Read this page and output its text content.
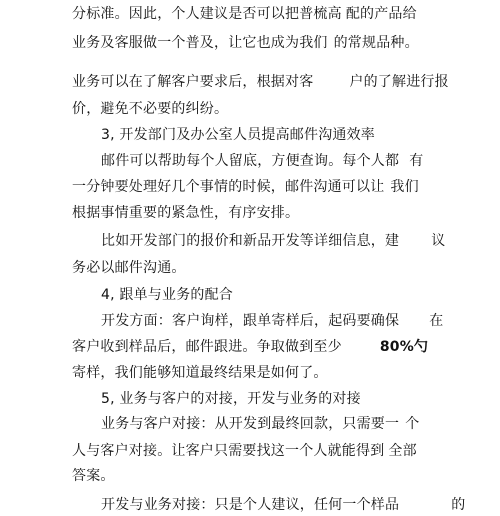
分标准。因此，个人建议是否可以把普梳高 配的产品给
业务及客服做一个普及，让它也成为我们 的常规品种。
业务可以在了解客户要求后，根据对客	户的了解进行报
价，避免不必要的纠纷。
3, 开发部门及办公室人员提高邮件沟通效率
邮件可以帮助每个人留底，方便查询。每个人都 有
一分钟要处理好几个事情的时候，邮件沟通可以让 我们
根据事情重要的紧急性，有序安排。
比如开发部门的报价和新品开发等详细信息，建 议
务必以邮件沟通。
4, 跟单与业务的配合
开发方面：客户询样，跟单寄样后，起码要确保 在
客户收到样品后，邮件跟进。争取做到至少	80%勺
寄样，我们能够知道最终结果是如何了。
5, 业务与客户的对接，开发与业务的对接
业务与客户对接：从开发到最终回款，只需要一 个
人与客户对接。让客户只需要找这一个人就能得到 全部
答案。
开发与业务对接：只是个人建议，任何一个样品	的
